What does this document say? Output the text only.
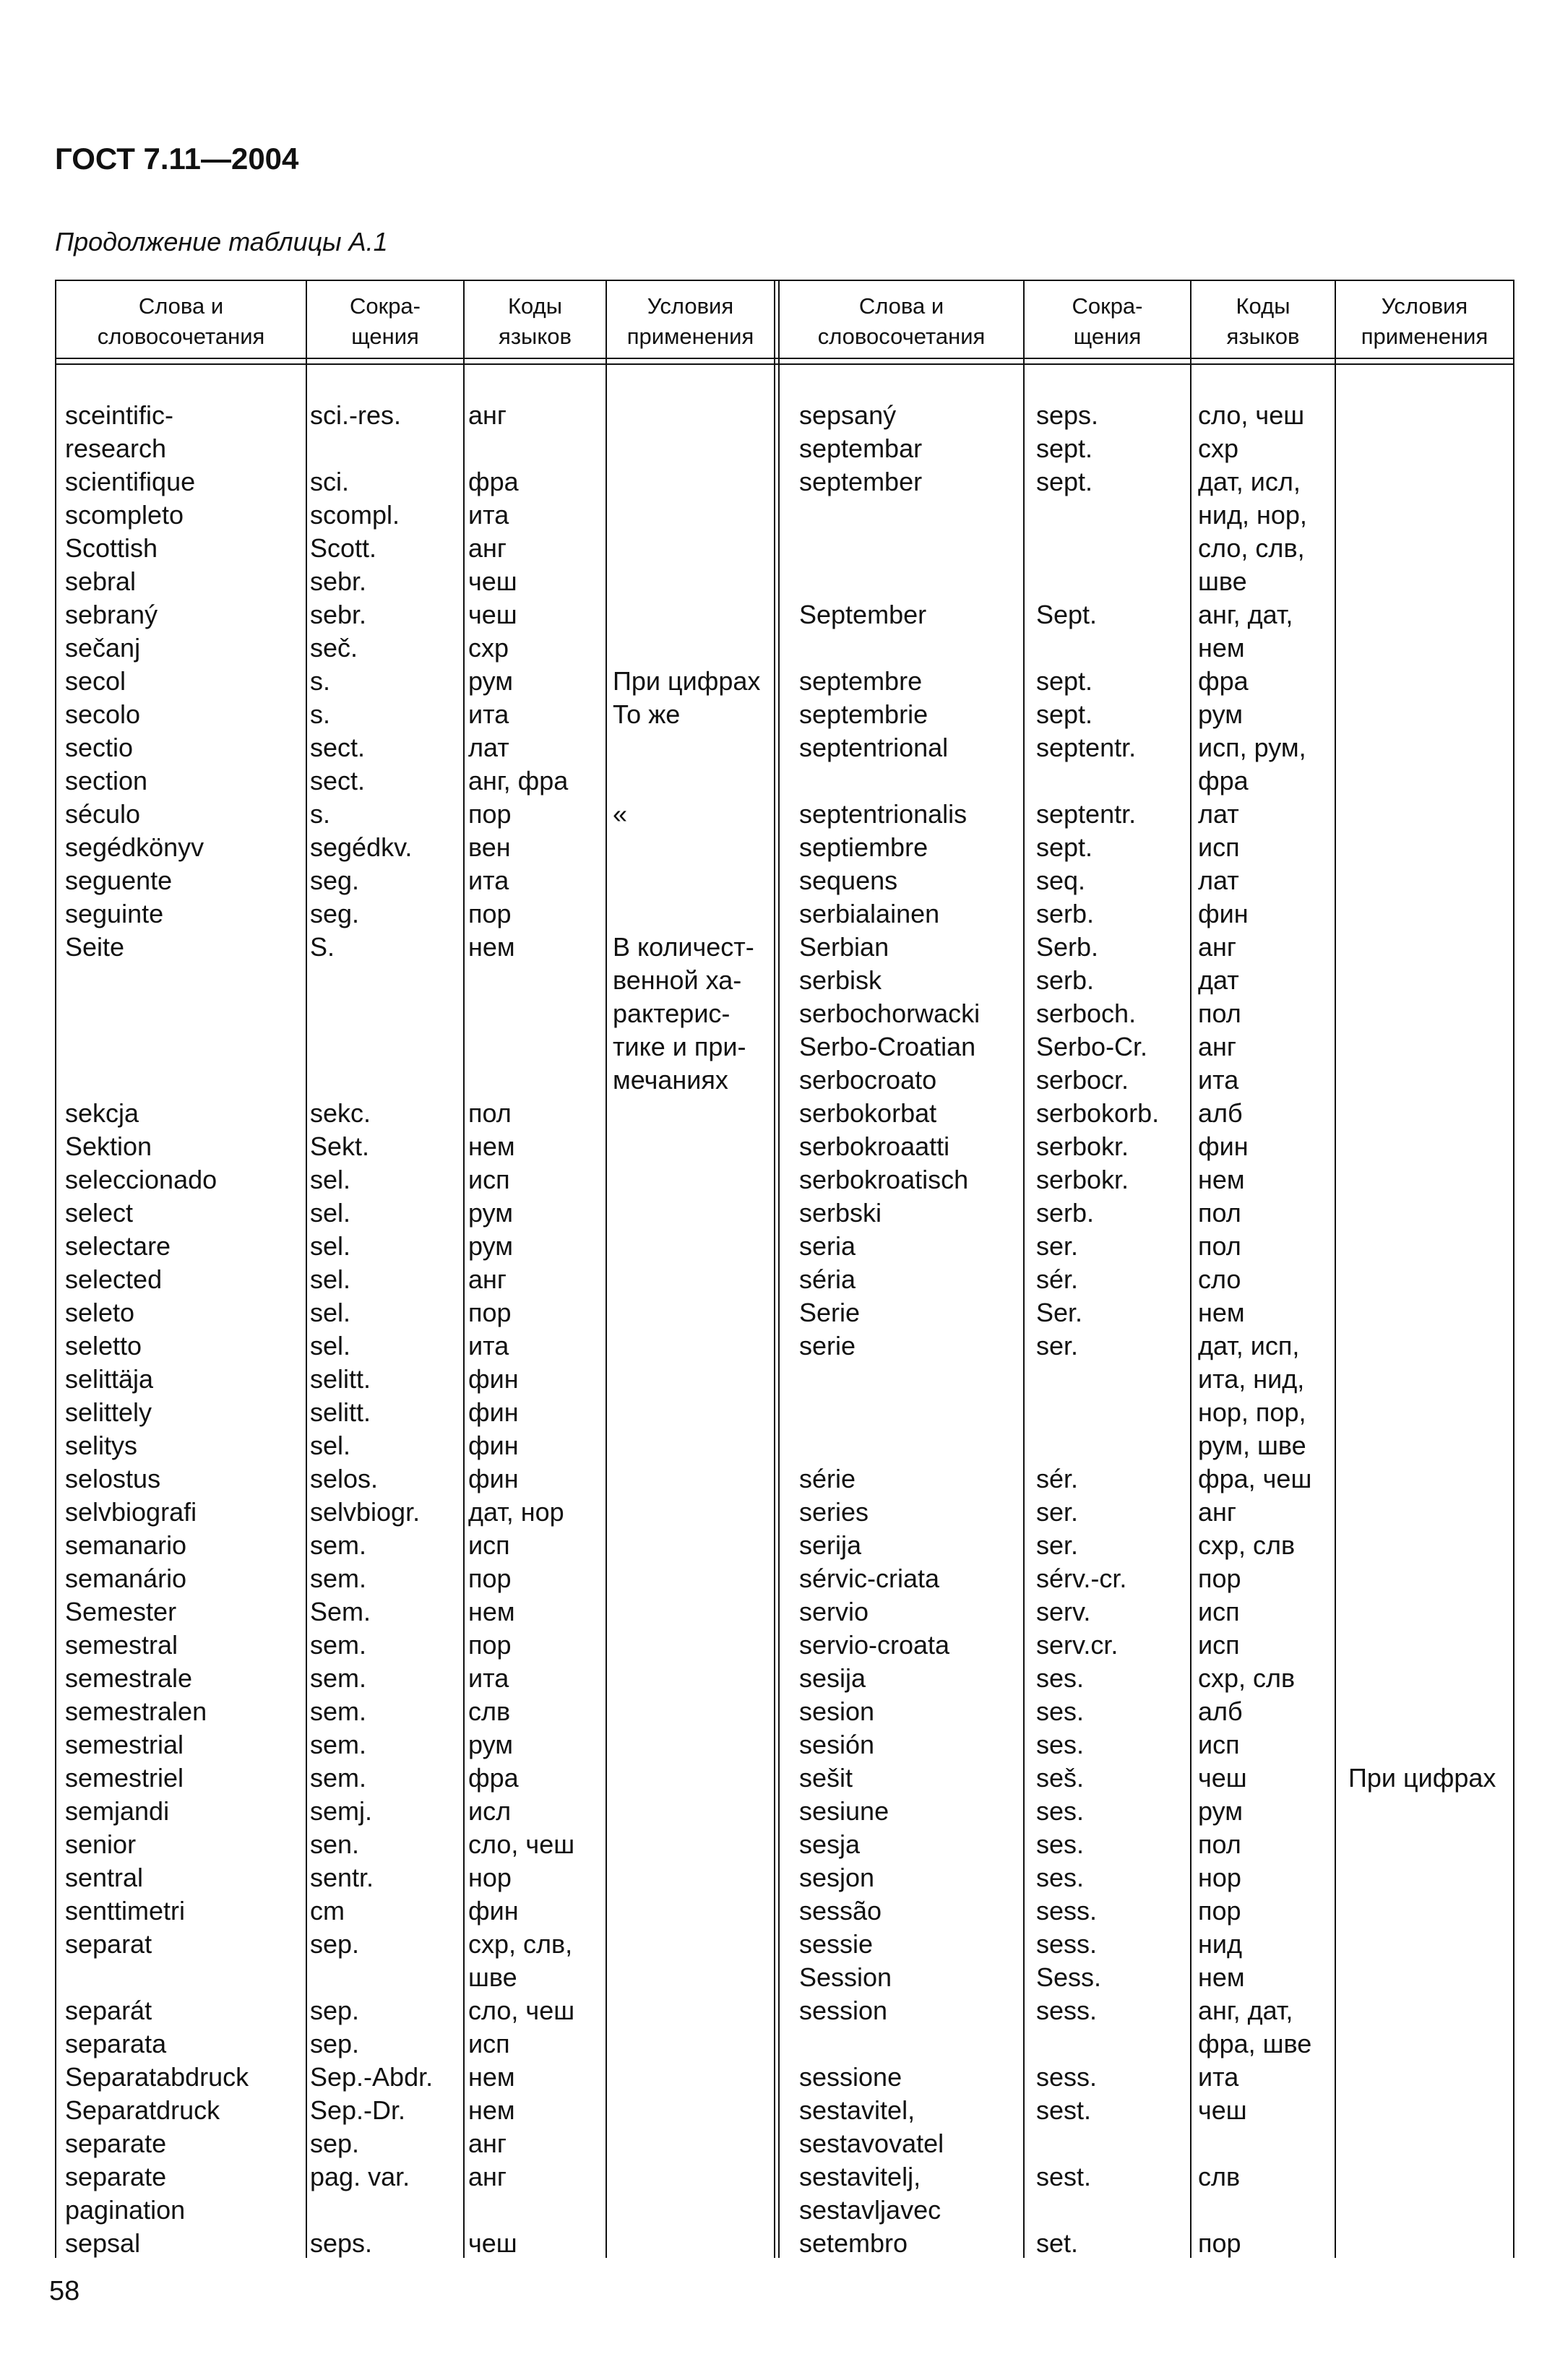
ГОСТ 7.11—2004
Продолжение таблицы А.1
Слова и
словосочетания
Сокра-
щения
Коды
языков
Условия
применения
Слова и
словосочетания
Сокра-
щения
Коды
языков
Условия
применения
sceintific-
research
scientifique
scompleto
Scottish
sebral
sebraný
sečanj
secol
secolo
sectio
section
século
segédkönyv
seguente
seguinte
Seite
sekcja
Sektion
seleccionado
select
selectare
selected
seleto
seletto
selittäja
selittely
selitys
selostus
selvbiografi
semanario
semanário
Semester
semestral
semestrale
semestralen
semestrial
semestriel
semjandi
senior
sentral
senttimetri
separat
separát
separata
Separatabdruck
Separatdruck
separate
separate
pagination
sepsal
sci.-res.
sci.
scompl.
Scott.
sebr.
sebr.
seč.
s.
s.
sect.
sect.
s.
segédkv.
seg.
seg.
S.
sekc.
Sekt.
sel.
sel.
sel.
sel.
sel.
sel.
selitt.
selitt.
sel.
selos.
selvbiogr.
sem.
sem.
Sem.
sem.
sem.
sem.
sem.
sem.
semj.
sen.
sentr.
cm
sep.
sep.
sep.
Sep.-Abdr.
Sep.-Dr.
sep.
pag. var.
seps.
анг
фра
ита
анг
чеш
чеш
схр
рум
ита
лат
анг, фра
пор
вен
ита
пор
нем
пол
нем
исп
рум
рум
анг
пор
ита
фин
фин
фин
фин
дат, нор
исп
пор
нем
пор
ита
слв
рум
фра
исл
сло, чеш
нор
фин
схр, слв,
шве
сло, чеш
исп
нем
нем
анг
анг
чеш
При цифрах
То же
«
В количест-
венной ха-
рактерис-
тике и при-
мечаниях
sepsaný
septembar
september
September
septembre
septembrie
septentrional
septentrionalis
septiembre
sequens
serbialainen
Serbian
serbisk
serbochorwacki
Serbo-Croatian
serbocroato
serbokorbat
serbokroaatti
serbokroatisch
serbski
seria
séria
Serie
serie
série
series
serija
sérvic-criata
servio
servio-croata
sesija
sesion
sesión
sešit
sesiune
sesja
sesjon
sessão
sessie
Session
session
sessione
sestavitel,
sestavovatel
sestavitelj,
sestavljavec
setembro
seps.
sept.
sept.
Sept.
sept.
sept.
septentr.
septentr.
sept.
seq.
serb.
Serb.
serb.
serboch.
Serbo-Cr.
serbocr.
serbokorb.
serbokr.
serbokr.
serb.
ser.
sér.
Ser.
ser.
sér.
ser.
ser.
sérv.-cr.
serv.
serv.cr.
ses.
ses.
ses.
seš.
ses.
ses.
ses.
sess.
sess.
Sess.
sess.
sess.
sest.
sest.
set.
сло, чеш
схр
дат, исл,
нид, нор,
сло, слв,
шве
анг, дат,
нем
фра
рум
исп, рум,
фра
лат
исп
лат
фин
анг
дат
пол
анг
ита
алб
фин
нем
пол
пол
сло
нем
дат, исп,
ита, нид,
нор, пор,
рум, шве
фра, чеш
анг
схр, слв
пор
исп
исп
схр, слв
алб
исп
чеш
рум
пол
нор
пор
нид
нем
анг, дат,
фра, шве
ита
чеш
слв
пор
При цифрах
58
